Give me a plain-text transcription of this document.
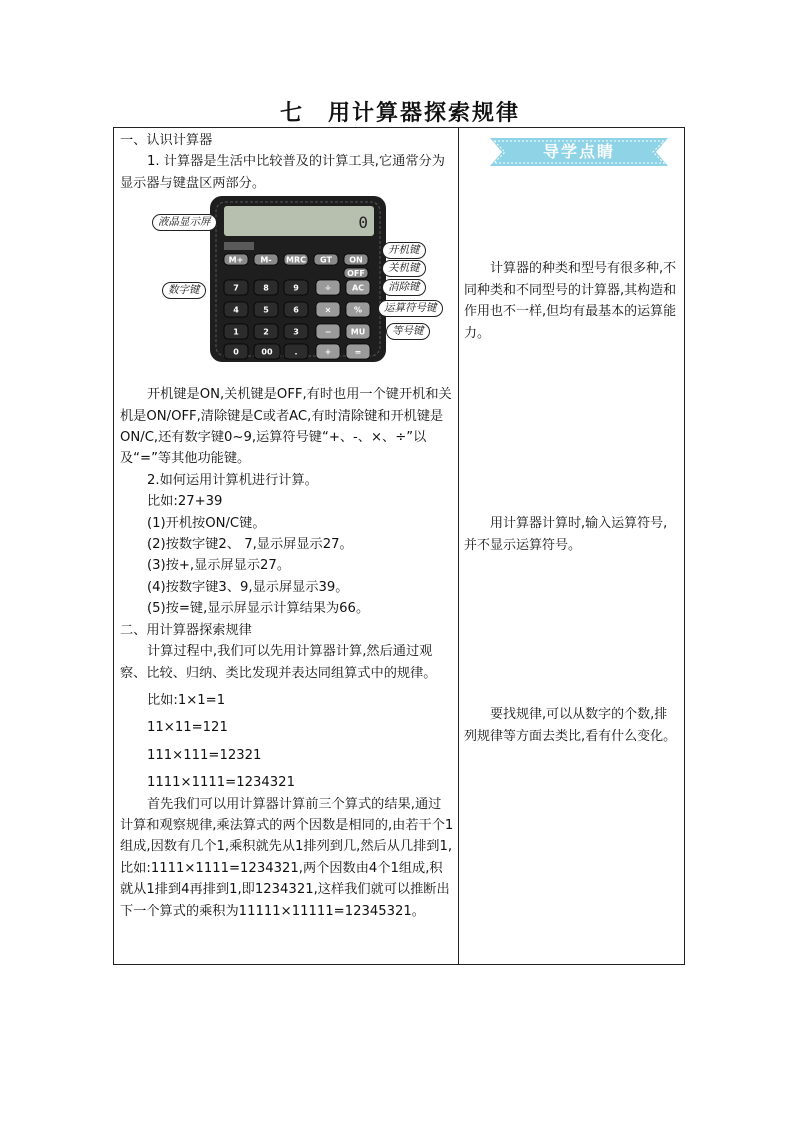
七　用计算器探索规律

一、认识计算器

1. 计算器是生活中比较普及的计算工具,它通常分为显示器与键盘区两部分。

0
M+ M- MRC GT ON
OFF
7	8	9	÷	AC
4	5	6	×	%
1	2	3	− MU
0	00	.	+	=
液晶显示屏
数字键
开机键
关机键
消除键
运算符号键
等号键

开机键是ON,关机键是OFF,有时也用一个键开机和关机是ON/OFF,清除键是C或者AC,有时清除键和开机键是ON/C,还有数字键0~9,运算符号键“+、-、×、÷”以及“=”等其他功能键。

2.如何运用计算机进行计算。

比如:27+39

(1)开机按ON/C键。

(2)按数字键2、 7,显示屏显示27。

(3)按+,显示屏显示27。

(4)按数字键3、9,显示屏显示39。

(5)按=键,显示屏显示计算结果为66。

二、用计算器探索规律

计算过程中,我们可以先用计算器计算,然后通过观察、比较、归纳、类比发现并表达同组算式中的规律。

比如:1×1=1

11×11=121

111×111=12321

1111×1111=1234321

首先我们可以用计算器计算前三个算式的结果,通过计算和观察规律,乘法算式的两个因数是相同的,由若干个1组成,因数有几个1,乘积就先从1排列到几,然后从几排到1,比如:1111×1111=1234321,两个因数由4个1组成,积就从1排到4再排到1,即1234321,这样我们就可以推断出下一个算式的乘积为11111×11111=12345321。

导学点睛

计算器的种类和型号有很多种,不同种类和不同型号的计算器,其构造和作用也不一样,但均有最基本的运算能力。

用计算器计算时,输入运算符号,并不显示运算符号。

要找规律,可以从数字的个数,排列规律等方面去类比,看有什么变化。
